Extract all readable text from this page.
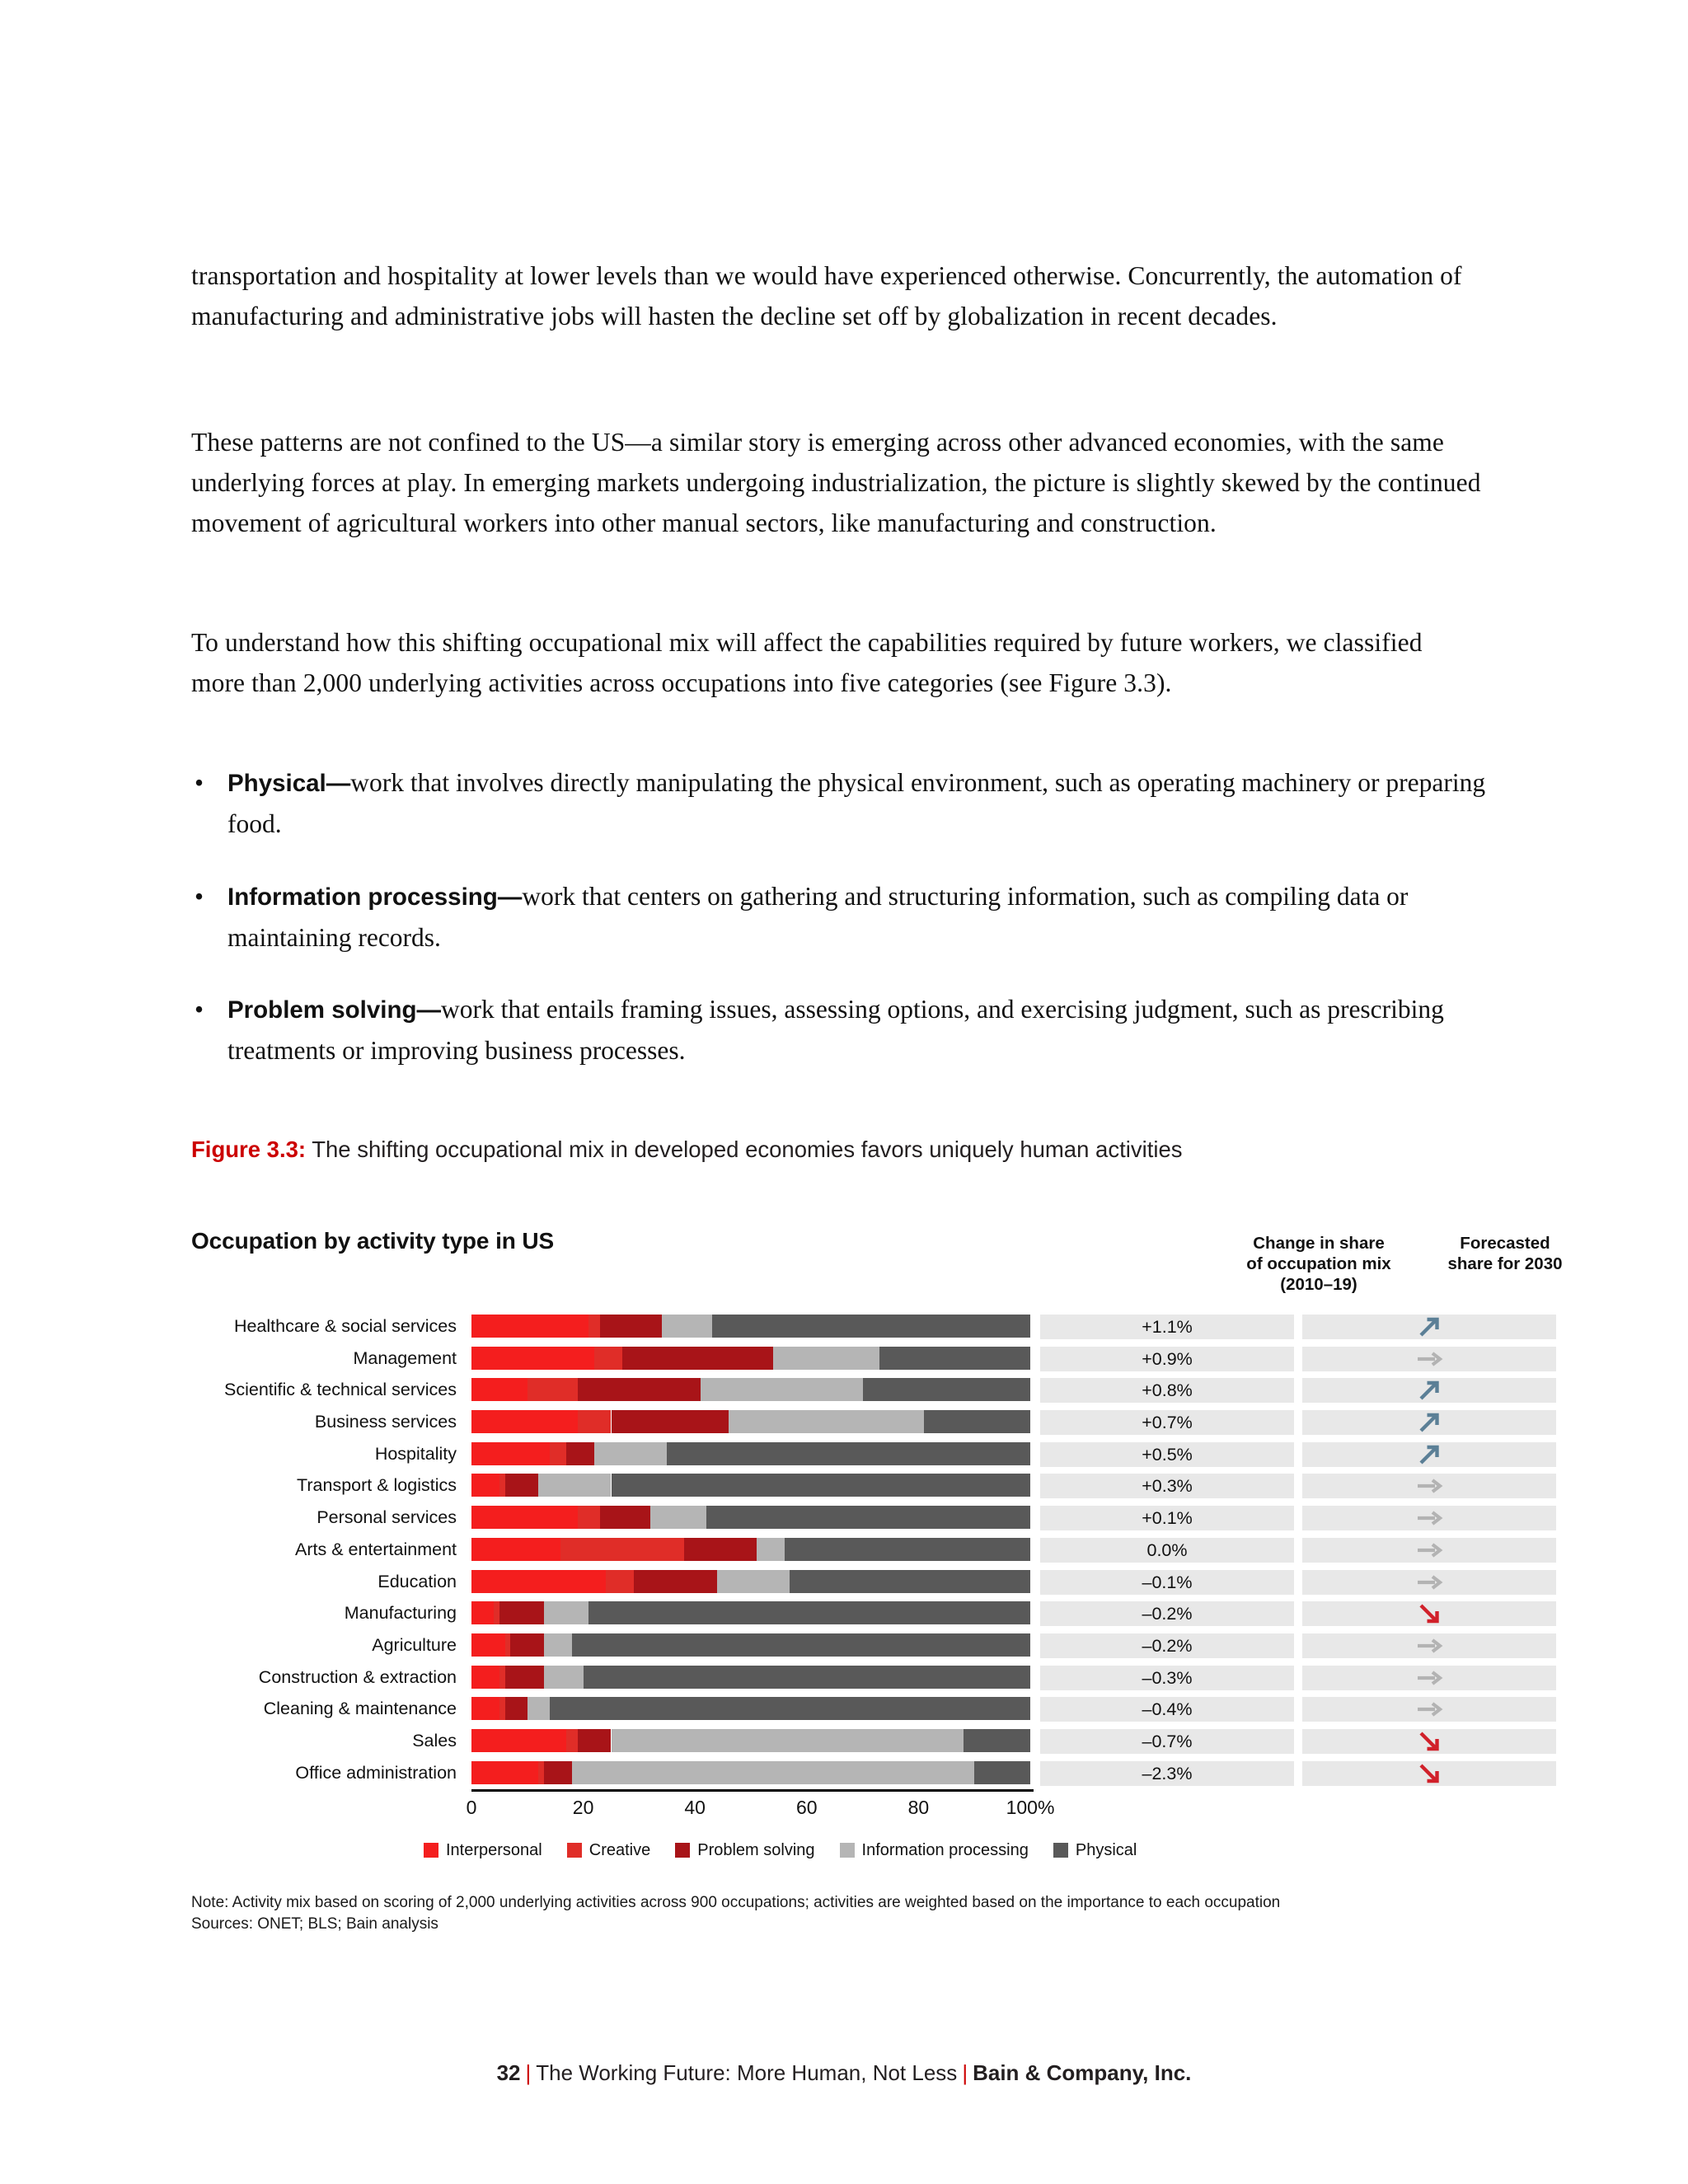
transportation and hospitality at lower levels than we would have experienced otherwise. Concurrently, the automation of manufacturing and administrative jobs will hasten the decline set off by globalization in recent decades.

These patterns are not confined to the US—a similar story is emerging across other advanced economies, with the same underlying forces at play. In emerging markets undergoing industrialization, the picture is slightly skewed by the continued movement of agricultural workers into other manual sectors, like manufacturing and construction.

To understand how this shifting occupational mix will affect the capabilities required by future workers, we classified more than 2,000 underlying activities across occupations into five categories (see Figure 3.3).

• Physical—work that involves directly manipulating the physical environment, such as operating machinery or preparing food.
• Information processing—work that centers on gathering and structuring information, such as compiling data or maintaining records.
• Problem solving—work that entails framing issues, assessing options, and exercising judgment, such as prescribing treatments or improving business processes.
Figure 3.3: The shifting occupational mix in developed economies favors uniquely human activities
Occupation by activity type in US	Change in share
of occupation mix
(2010–19)
Forecasted
share for 2030
Healthcare & social services	+1.1%
Management	+0.9%
Scientific & technical services	+0.8%
Business services	+0.7%
Hospitality	+0.5%
Transport & logistics	+0.3%
Personal services	+0.1%
Arts & entertainment	0.0%
Education	–0.1%
Manufacturing	–0.2%
Agriculture	–0.2%
Construction & extraction	–0.3%
Cleaning & maintenance	–0.4%
Sales	–0.7%
Office administration	–2.3%
0	20	40	60	80	100%
Interpersonal	Creative	Problem solving	Information processing	Physical
Note: Activity mix based on scoring of 2,000 underlying activities across 900 occupations; activities are weighted based on the importance to each occupation
Sources: ONET; BLS; Bain analysis
32 | The Working Future: More Human, Not Less | Bain & Company, Inc.
